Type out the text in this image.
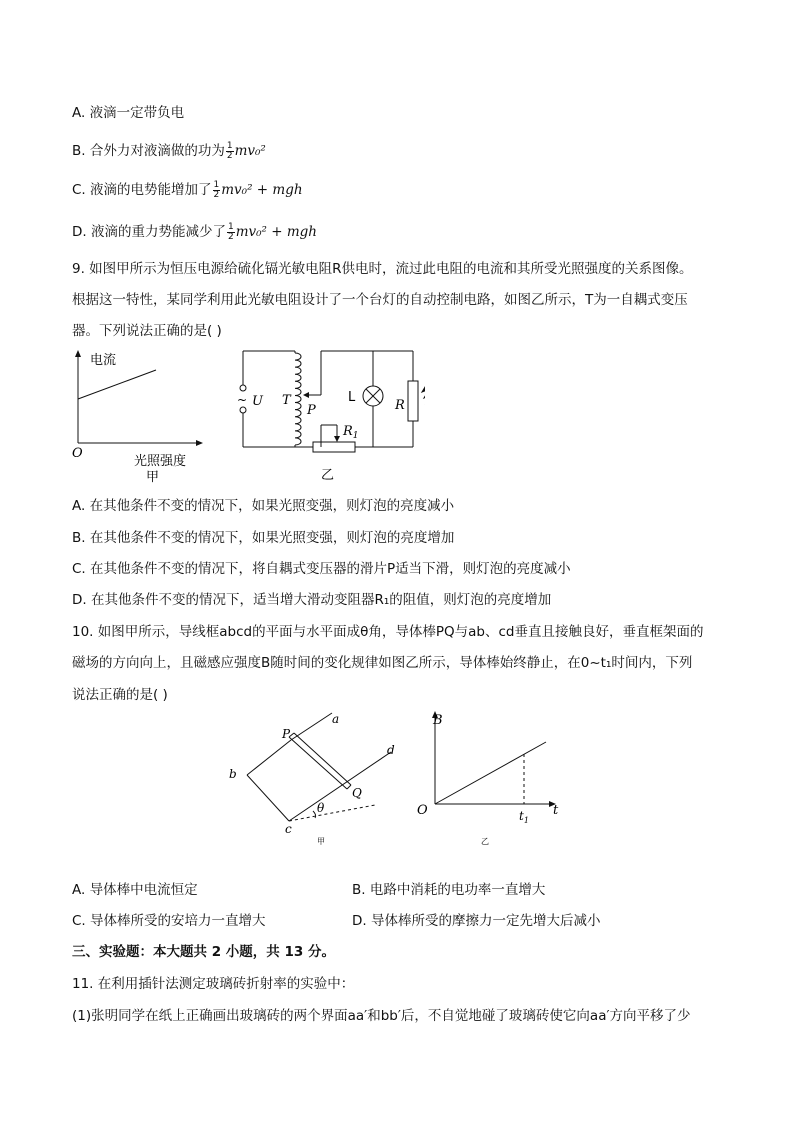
A. 液滴一定带负电
B. 合外力对液滴做的功为 $\frac{1}{2} mv_0^2$
C. 液滴的电势能增加了 $\frac{1}{2} mv_0^2$ + mgh
D. 液滴的重力势能减少了 $\frac{1}{2} mv_0^2$ + mgh
9. 如图甲所示为恒压电源给硫化镉光敏电阻R供电时，流过此电阻的电流和其所受光照强度的关系图像。
根据这一特性，某同学利用此光敏电阻设计了一个台灯的自动控制电路，如图乙所示，T为一自耦式变压
器。下列说法正确的是( )
电流
O
光照强度
甲
~ U T
P
L
R
$R_1$
乙
A. 在其他条件不变的情况下，如果光照变强，则灯泡的亮度减小
B. 在其他条件不变的情况下，如果光照变强，则灯泡的亮度增加
C. 在其他条件不变的情况下，将自耦式变压器的滑片P适当下滑，则灯泡的亮度减小
D. 在其他条件不变的情况下，适当增大滑动变阻器R₁的阻值，则灯泡的亮度增加
10. 如图甲所示，导线框abcd的平面与水平面成θ角，导体棒PQ与ab、cd垂直且接触良好，垂直框架面的
磁场的方向向上，且磁感应强度B随时间的变化规律如图乙所示，导体棒始终静止，在0~t₁时间内，下列
说法正确的是( )
a
b
c
d
P
Q
θ
甲
B
O	t
$t_1$
乙
A. 导体棒中电流恒定	B. 电路中消耗的电功率一直增大
C. 导体棒所受的安培力一直增大	D. 导体棒所受的摩擦力一定先增大后减小
三、实验题：本大题共 2 小题，共 13 分。
11. 在利用插针法测定玻璃砖折射率的实验中：
(1)张明同学在纸上正确画出玻璃砖的两个界面aa′和bb′后，不自觉地碰了玻璃砖使它向aa′方向平移了少
